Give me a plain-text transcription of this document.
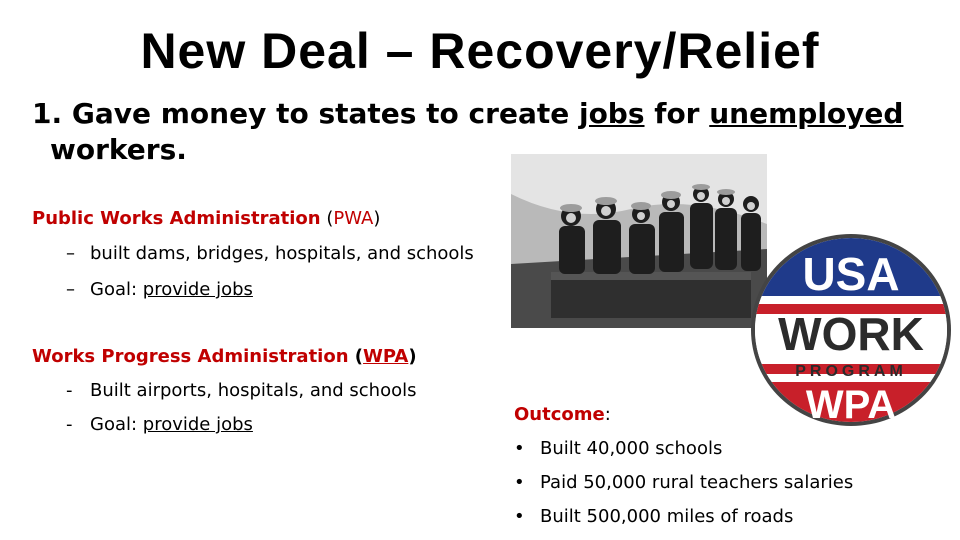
New Deal – Recovery/Relief

1. Gave money to states to create jobs for unemployed
workers.

Public Works Administration (PWA)
– built dams, bridges, hospitals, and schools
– Goal: provide jobs
Works Progress Administration (WPA)
- Built airports, hospitals, and schools
- Goal: provide jobs	Outcome:
• Built 40,000 schools
• Paid 50,000 rural teachers salaries
• Built 500,000 miles of roads
USA
WORK
PROGRAM
WPA
